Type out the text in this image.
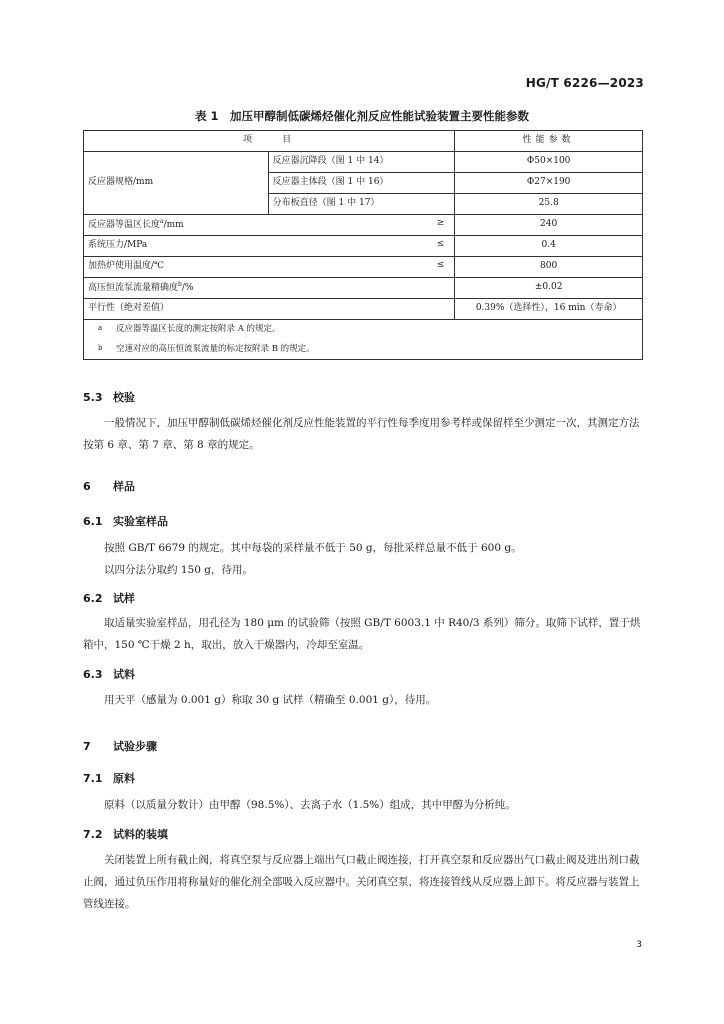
HG/T 6226—2023
表 1　加压甲醇制低碳烯烃催化剂反应性能试验装置主要性能参数
项　　目		性能参数
反应器规格/mm	反应器沉降段（图 1 中 14）	Φ50×100
	反应器主体段（图 1 中 16）	Φ27×190
	分布板直径（图 1 中 17）	25.8
反应器等温区长度$^a$/mm ≥		240
系统压力/MPa ≤		0.4
加热炉使用温度/℃ ≤		800
高压恒流泵流量精确度$^b$/%		±0.02
平行性（绝对差值）		0.39%（选择性），16 min（寿命）
a 反应器等温区长度的测定按附录 A 的规定。		
b 空速对应的高压恒流泵流量的标定按附录 B 的规定。		
5.3 校验

一般情况下，加压甲醇制低碳烯烃催化剂反应性能装置的平行性每季度用参考样或保留样至少测定一次，其测定方法按第 6 章、第 7 章、第 8 章的规定。

6 样品
6.1 实验室样品

按照 GB/T 6679 的规定。其中每袋的采样量不低于 50 g，每批采样总量不低于 600 g。

以四分法分取约 150 g，待用。

6.2 试样

取适量实验室样品，用孔径为 180 μm 的试验筛（按照 GB/T 6003.1 中 R40/3 系列）筛分。取筛下试样，置于烘箱中，150 ℃干燥 2 h，取出，放入干燥器内，冷却至室温。

6.3 试料

用天平（感量为 0.001 g）称取 30 g 试样（精确至 0.001 g），待用。

7 试验步骤
7.1 原料

原料（以质量分数计）由甲醇（98.5%）、去离子水（1.5%）组成，其中甲醇为分析纯。

7.2 试料的装填

关闭装置上所有截止阀，将真空泵与反应器上端出气口截止阀连接，打开真空泵和反应器出气口截止阀及进出剂口截止阀，通过负压作用将称量好的催化剂全部吸入反应器中。关闭真空泵，将连接管线从反应器上卸下。将反应器与装置上管线连接。

3
